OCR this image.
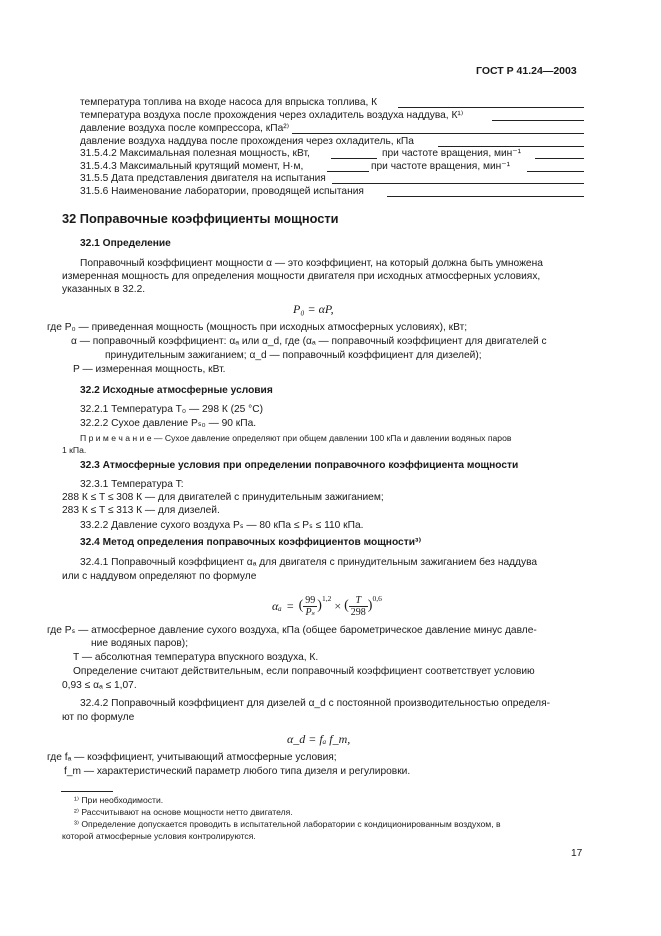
ГОСТ Р 41.24—2003
температура топлива на входе насоса для впрыска топлива, К
температура воздуха после прохождения через охладитель воздуха наддува, К¹⁾
давление воздуха после компрессора, кПа²⁾
давление воздуха наддува после прохождения через охладитель, кПа
31.5.4.2 Максимальная полезная мощность, кВт,	при частоте вращения, мин⁻¹
31.5.4.3 Максимальный крутящий момент, Н·м,	при частоте вращения, мин⁻¹
31.5.5 Дата представления двигателя на испытания
31.5.6 Наименование лаборатории, проводящей испытания
32 Поправочные коэффициенты мощности
32.1 Определение
Поправочный коэффициент мощности α — это коэффициент, на который должна быть умножена
измеренная мощность для определения мощности двигателя при исходных атмосферных условиях,
указанных в 32.2.
P₀ = αP,
где P₀ — приведенная мощность (мощность при исходных атмосферных условиях), кВт;
α — поправочный коэффициент: αₐ или α_d, где (αₐ — поправочный коэффициент для двигателей с
принудительным зажиганием; α_d — поправочный коэффициент для дизелей);
P — измеренная мощность, кВт.
32.2 Исходные атмосферные условия
32.2.1 Температура T₀ — 298 К (25 °C)
32.2.2 Сухое давление Pₛ₀ — 90 кПа.
П р и м е ч а н и е — Сухое давление определяют при общем давлении 100 кПа и давлении водяных паров
1 кПа.
32.3 Атмосферные условия при определении поправочного коэффициента мощности
32.3.1 Температура T:
288 К ≤ T ≤ 308 К — для двигателей с принудительным зажиганием;
283 К ≤ T ≤ 313 К — для дизелей.
33.2.2 Давление сухого воздуха Pₛ — 80 кПа ≤ Pₛ ≤ 110 кПа.
32.4 Метод определения поправочных коэффициентов мощности³⁾
32.4.1 Поправочный коэффициент αₐ для двигателя с принудительным зажиганием без наддува
или с наддувом определяют по формуле
αₐ = ( $\frac{99}{\text{Pₛ}}$ ) 1,2
× ( $\frac{T}{298}$ ) 0,6
где Pₛ — атмосферное давление сухого воздуха, кПа (общее барометрическое давление минус давле-
ние водяных паров);
T — абсолютная температура впускного воздуха, К.
Определение считают действительным, если поправочный коэффициент соответствует условию
0,93 ≤ αₐ ≤ 1,07.
32.4.2 Поправочный коэффициент для дизелей α_d с постоянной производительностью определя-
ют по формуле
α_d = fₐ f_m,
где fₐ — коэффициент, учитывающий атмосферные условия;
f_m — характеристический параметр любого типа дизеля и регулировки.
¹⁾ При необходимости.
²⁾ Рассчитывают на основе мощности нетто двигателя.
³⁾ Определение допускается проводить в испытательной лаборатории с кондиционированным воздухом, в
которой атмосферные условия контролируются.
17
